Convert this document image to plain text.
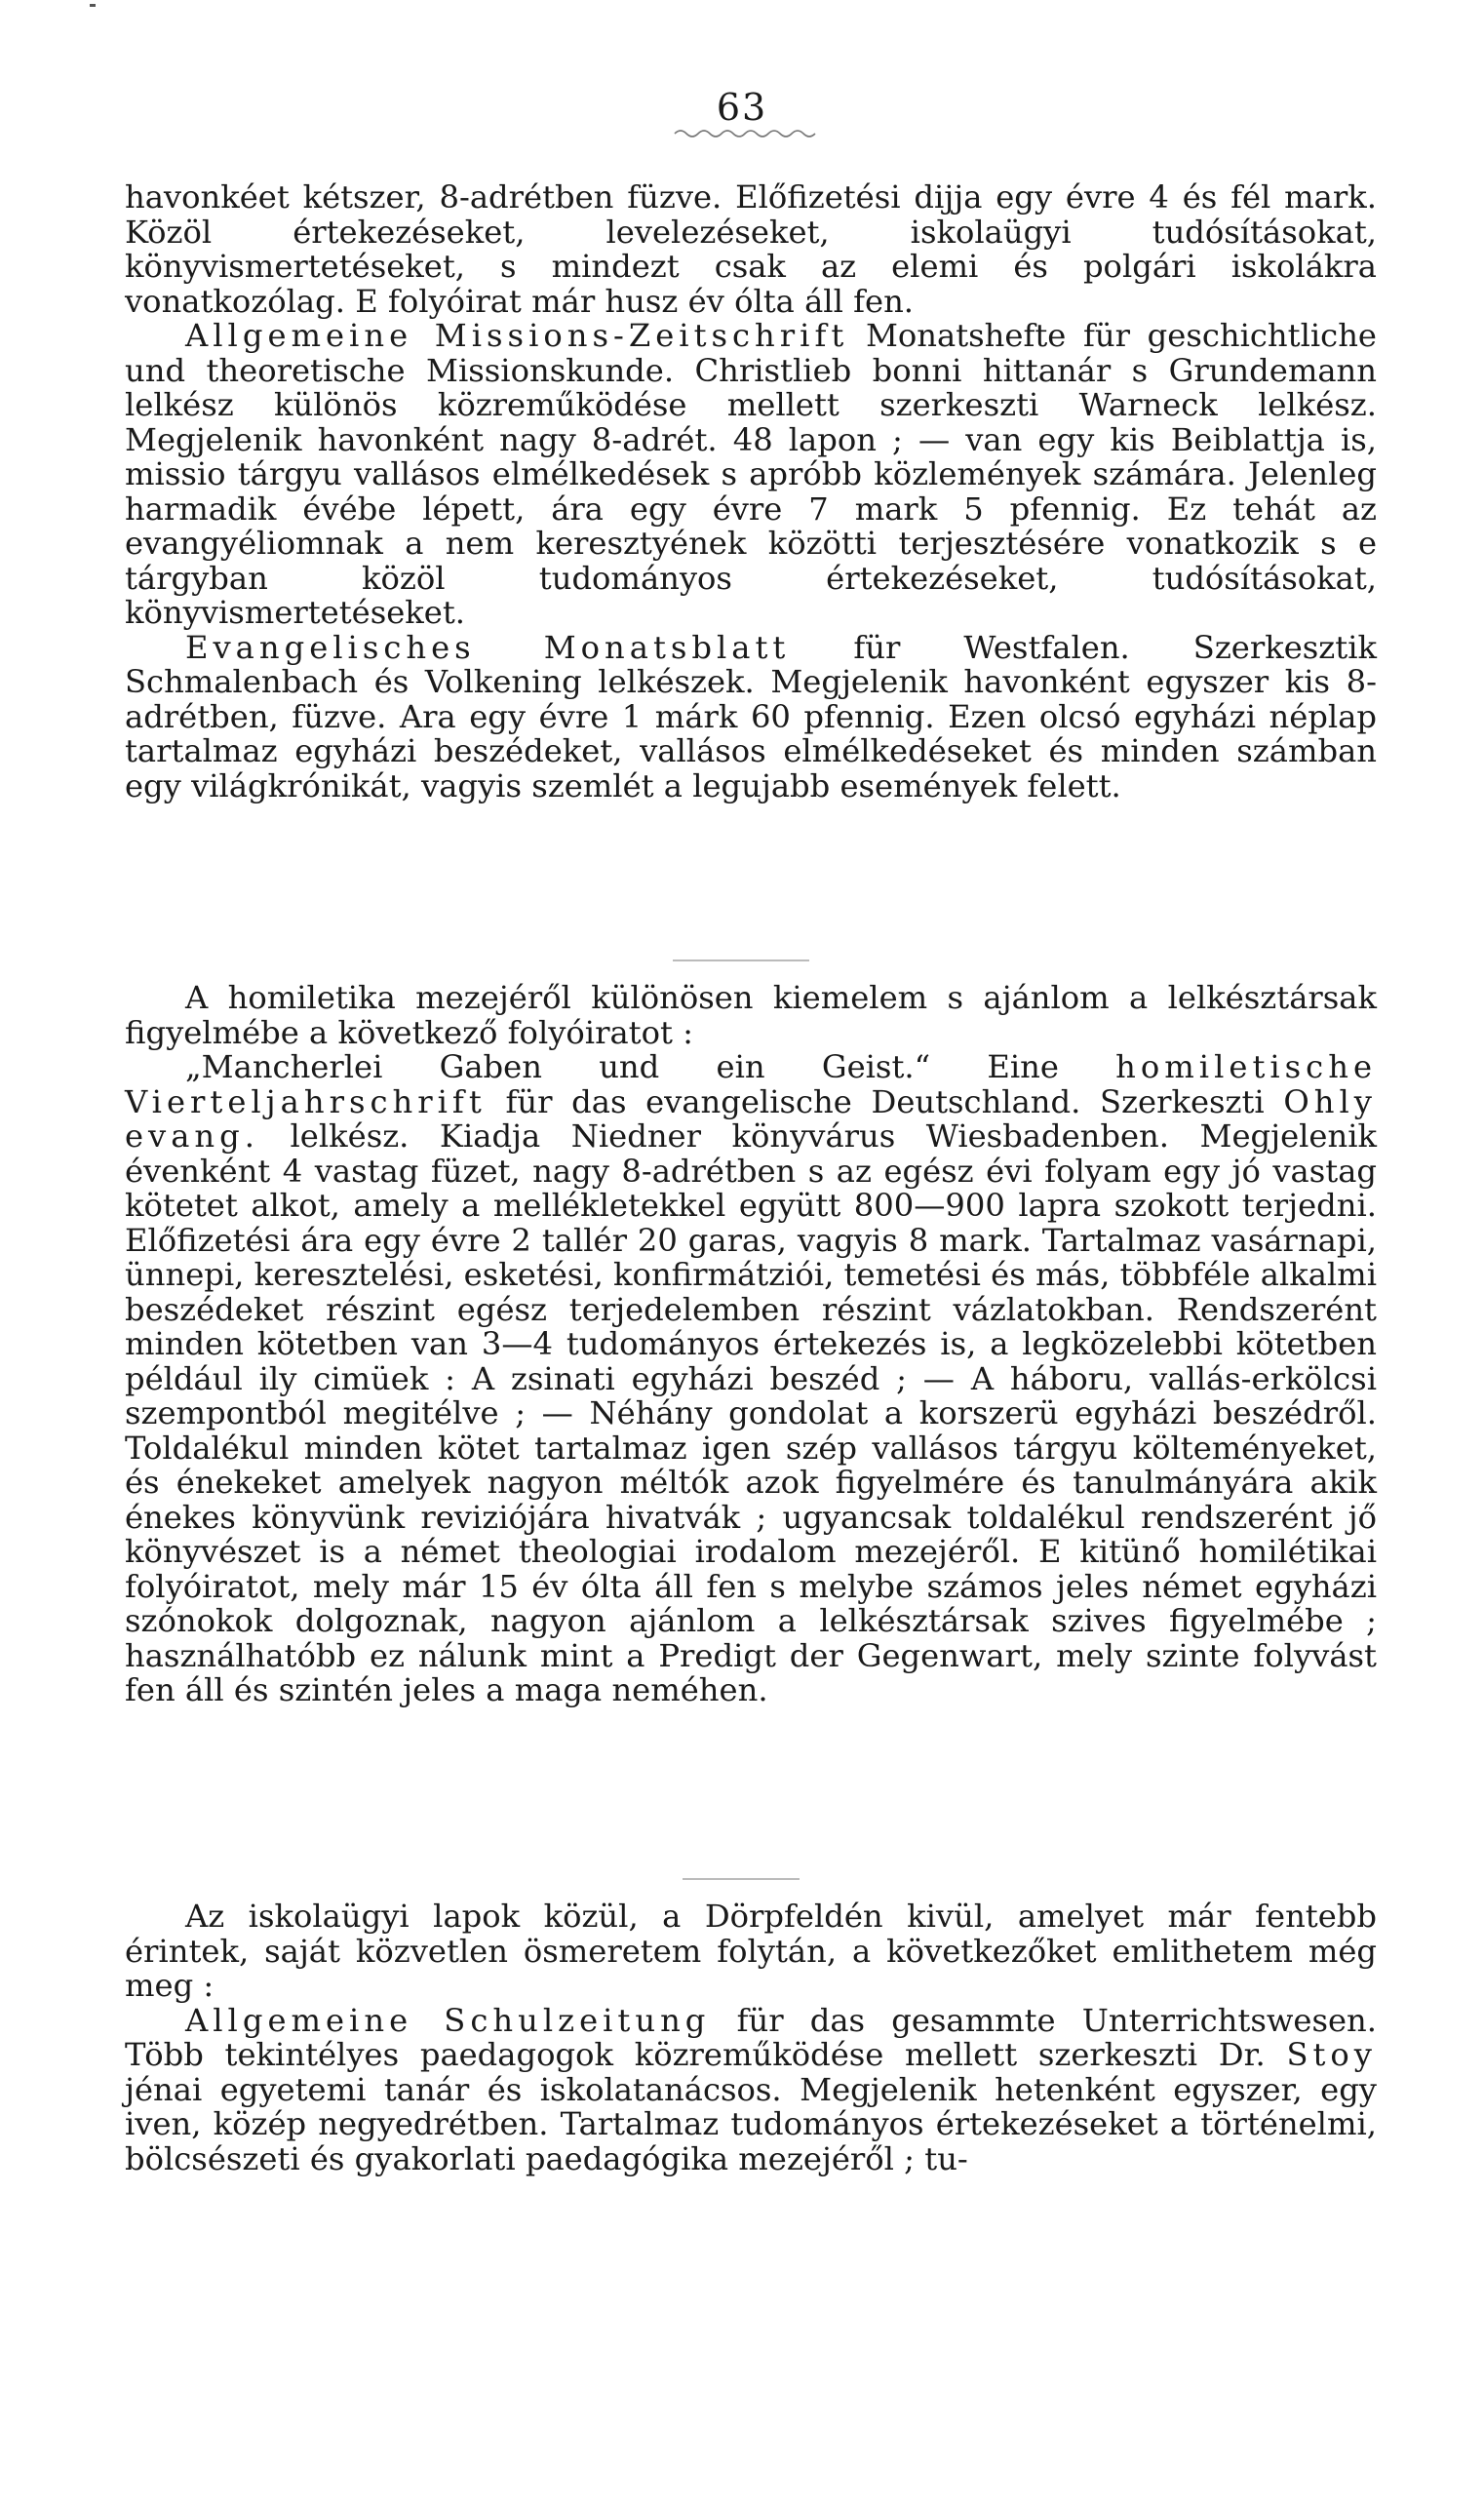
63

havonkéet kétszer, 8-adrétben füzve. Előfizetési dijja egy évre 4 és fél mark. Közöl értekezéseket, levelezéseket, iskolaügyi tudósításokat, könyvismertetéseket, s mindezt csak az elemi és polgári iskolákra vonatkozólag. E folyóirat már husz év ólta áll fen.

Allgemeine Missions-Zeitschrift Monatshefte für geschichtliche und theoretische Missionskunde. Christlieb bonni hittanár s Grundemann lelkész különös közreműködése mellett szerkeszti Warneck lelkész. Megjelenik havonként nagy 8-adrét. 48 lapon ; — van egy kis Beiblattja is, missio tárgyu vallásos elmélkedések s apróbb közlemények számára. Jelenleg harmadik évébe lépett, ára egy évre 7 mark 5 pfennig. Ez tehát az evangyéliomnak a nem keresztyének közötti terjesztésére vonatkozik s e tárgyban közöl tudományos értekezéseket, tudósításokat, könyvismertetéseket.

Evangelisches Monatsblatt für Westfalen. Szerkesztik Schmalenbach és Volkening lelkészek. Megjelenik havonként egyszer kis 8-adrétben, füzve. Ara egy évre 1 márk 60 pfennig. Ezen olcsó egyházi néplap tartalmaz egyházi beszédeket, vallásos elmélkedéseket és minden számban egy világkrónikát, vagyis szemlét a legujabb események felett.

A homiletika mezejéről különösen kiemelem s ajánlom a lelkésztársak figyelmébe a következő folyóiratot :

„Mancherlei Gaben und ein Geist.“ Eine homiletische Vierteljahrschrift für das evangelische Deutschland. Szerkeszti Ohly evang. lelkész. Kiadja Niedner könyvárus Wiesbadenben. Megjelenik évenként 4 vastag füzet, nagy 8-adrétben s az egész évi folyam egy jó vastag kötetet alkot, amely a mellékletekkel együtt 800—900 lapra szokott terjedni. Előfizetési ára egy évre 2 tallér 20 garas, vagyis 8 mark. Tartalmaz vasárnapi, ünnepi, keresztelési, esketési, konfirmátziói, temetési és más, többféle alkalmi beszédeket részint egész terjedelemben részint vázlatokban. Rendszerént minden kötetben van 3—4 tudományos értekezés is, a legközelebbi kötetben például ily cimüek : A zsinati egyházi beszéd ; — A háboru, vallás-erkölcsi szempontból megitélve ; — Néhány gondolat a korszerü egyházi beszédről. Toldalékul minden kötet tartalmaz igen szép vallásos tárgyu költeményeket, és énekeket amelyek nagyon méltók azok figyelmére és tanulmányára akik énekes könyvünk reviziójára hivatvák ; ugyancsak toldalékul rendszerént jő könyvészet is a német theologiai irodalom mezejéről. E kitünő homilétikai folyóiratot, mely már 15 év ólta áll fen s melybe számos jeles német egyházi szónokok dolgoznak, nagyon ajánlom a lelkésztársak szives figyelmébe ; használhatóbb ez nálunk mint a Predigt der Gegenwart, mely szinte folyvást fen áll és szintén jeles a maga neméhen.

Az iskolaügyi lapok közül, a Dörpfeldén kivül, amelyet már fentebb érintek, saját közvetlen ösmeretem folytán, a következőket emlithetem még meg :

Allgemeine Schulzeitung für das gesammte Unterrichtswesen. Több tekintélyes paedagogok közreműködése mellett szerkeszti Dr. Stoy jénai egyetemi tanár és iskolatanácsos. Megjelenik hetenként egyszer, egy iven, közép negyedrétben. Tartalmaz tudományos értekezéseket a történelmi, bölcsészeti és gyakorlati paedagógika mezejéről ; tu-
